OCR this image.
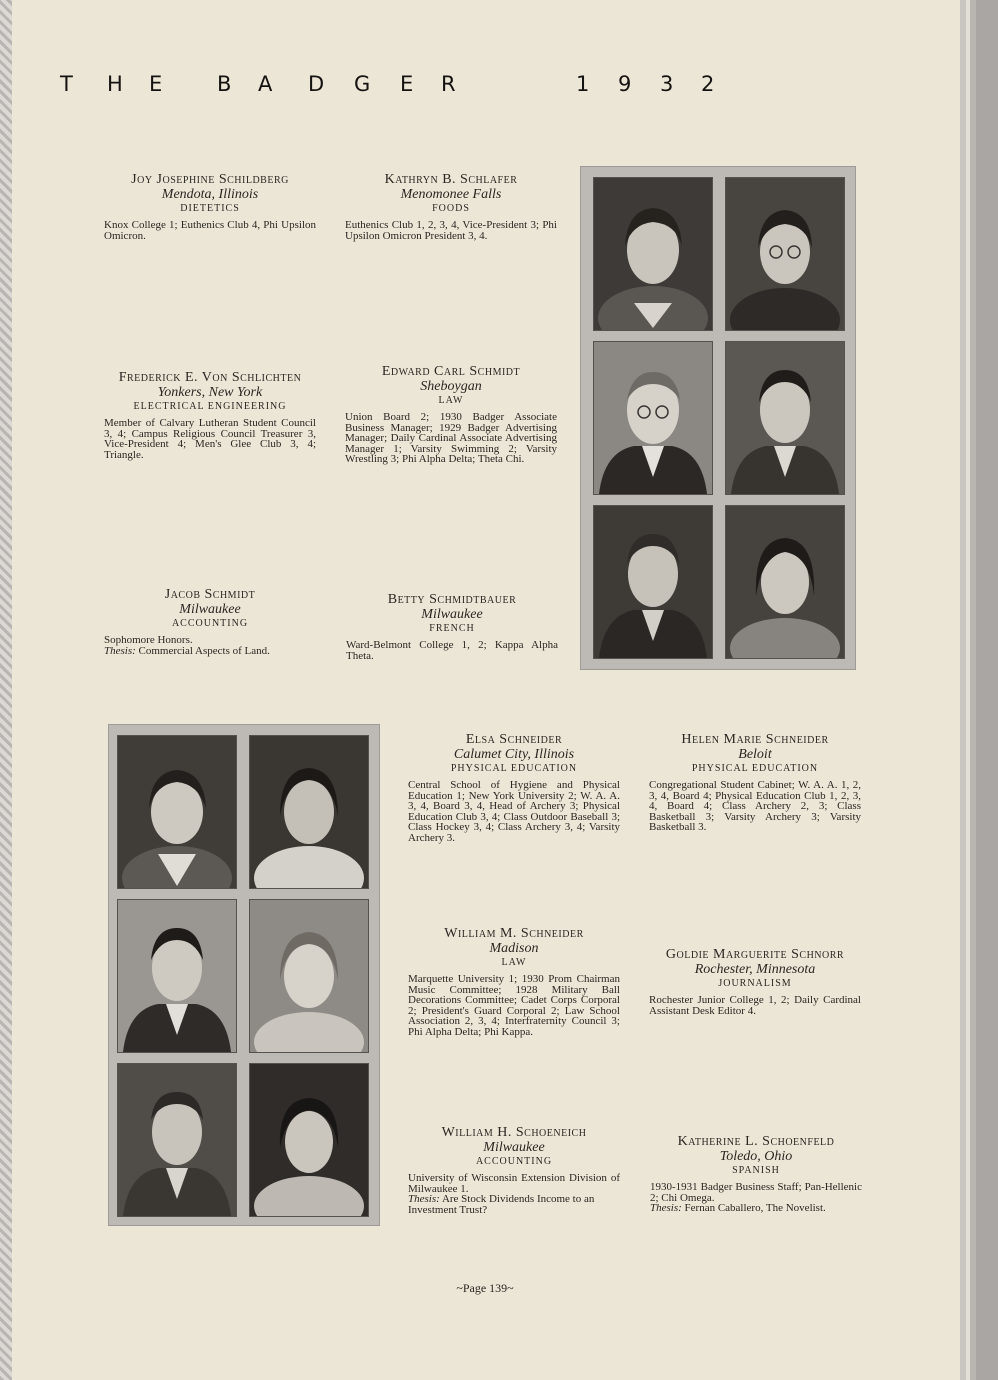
T H E	B A D G E R	1 9 3 2
Joy Josephine Schildberg
Mendota, Illinois
DIETETICS
Knox College 1; Euthenics Club 4, Phi Upsilon Omicron.
Kathryn B. Schlafer
Menomonee Falls
FOODS
Euthenics Club 1, 2, 3, 4, Vice-President 3; Phi Upsilon Omicron President 3, 4.
Frederick E. Von Schlichten
Yonkers, New York
ELECTRICAL ENGINEERING
Member of Calvary Lutheran Student Council 3, 4; Campus Religious Council Treasurer 3, Vice-President 4; Men's Glee Club 3, 4; Triangle.
Edward Carl Schmidt
Sheboygan
LAW
Union Board 2; 1930 Badger Associate Business Manager; 1929 Badger Advertising Manager; Daily Cardinal Associate Advertising Manager 1; Varsity Swimming 2; Varsity Wrestling 3; Phi Alpha Delta; Theta Chi.
Jacob Schmidt
Milwaukee
ACCOUNTING
Sophomore Honors.
Thesis: Commercial Aspects of Land.
Betty Schmidtbauer
Milwaukee
FRENCH
Ward-Belmont College 1, 2; Kappa Alpha Theta.
Elsa Schneider
Calumet City, Illinois
PHYSICAL EDUCATION
Central School of Hygiene and Physical Education 1; New York University 2; W. A. A. 3, 4, Board 3, 4, Head of Archery 3; Physical Education Club 3, 4; Class Outdoor Baseball 3; Class Hockey 3, 4; Class Archery 3, 4; Varsity Archery 3.
Helen Marie Schneider
Beloit
PHYSICAL EDUCATION
Congregational Student Cabinet; W. A. A. 1, 2, 3, 4, Board 4; Physical Education Club 1, 2, 3, 4, Board 4; Class Archery 2, 3; Class Basketball 3; Varsity Archery 3; Varsity Basketball 3.
William M. Schneider
Madison
LAW
Marquette University 1; 1930 Prom Chairman Music Committee; 1928 Military Ball Decorations Committee; Cadet Corps Corporal 2; President's Guard Corporal 2; Law School Association 2, 3, 4; Interfraternity Council 3; Phi Alpha Delta; Phi Kappa.
Goldie Marguerite Schnorr
Rochester, Minnesota
JOURNALISM
Rochester Junior College 1, 2; Daily Cardinal Assistant Desk Editor 4.
William H. Schoeneich
Milwaukee
ACCOUNTING
University of Wisconsin Extension Division of Milwaukee 1.
Thesis: Are Stock Dividends Income to an Investment Trust?
Katherine L. Schoenfeld
Toledo, Ohio
SPANISH
1930-1931 Badger Business Staff; Pan-Hellenic 2; Chi Omega.
Thesis: Fernan Caballero, The Novelist.
~Page 139~
